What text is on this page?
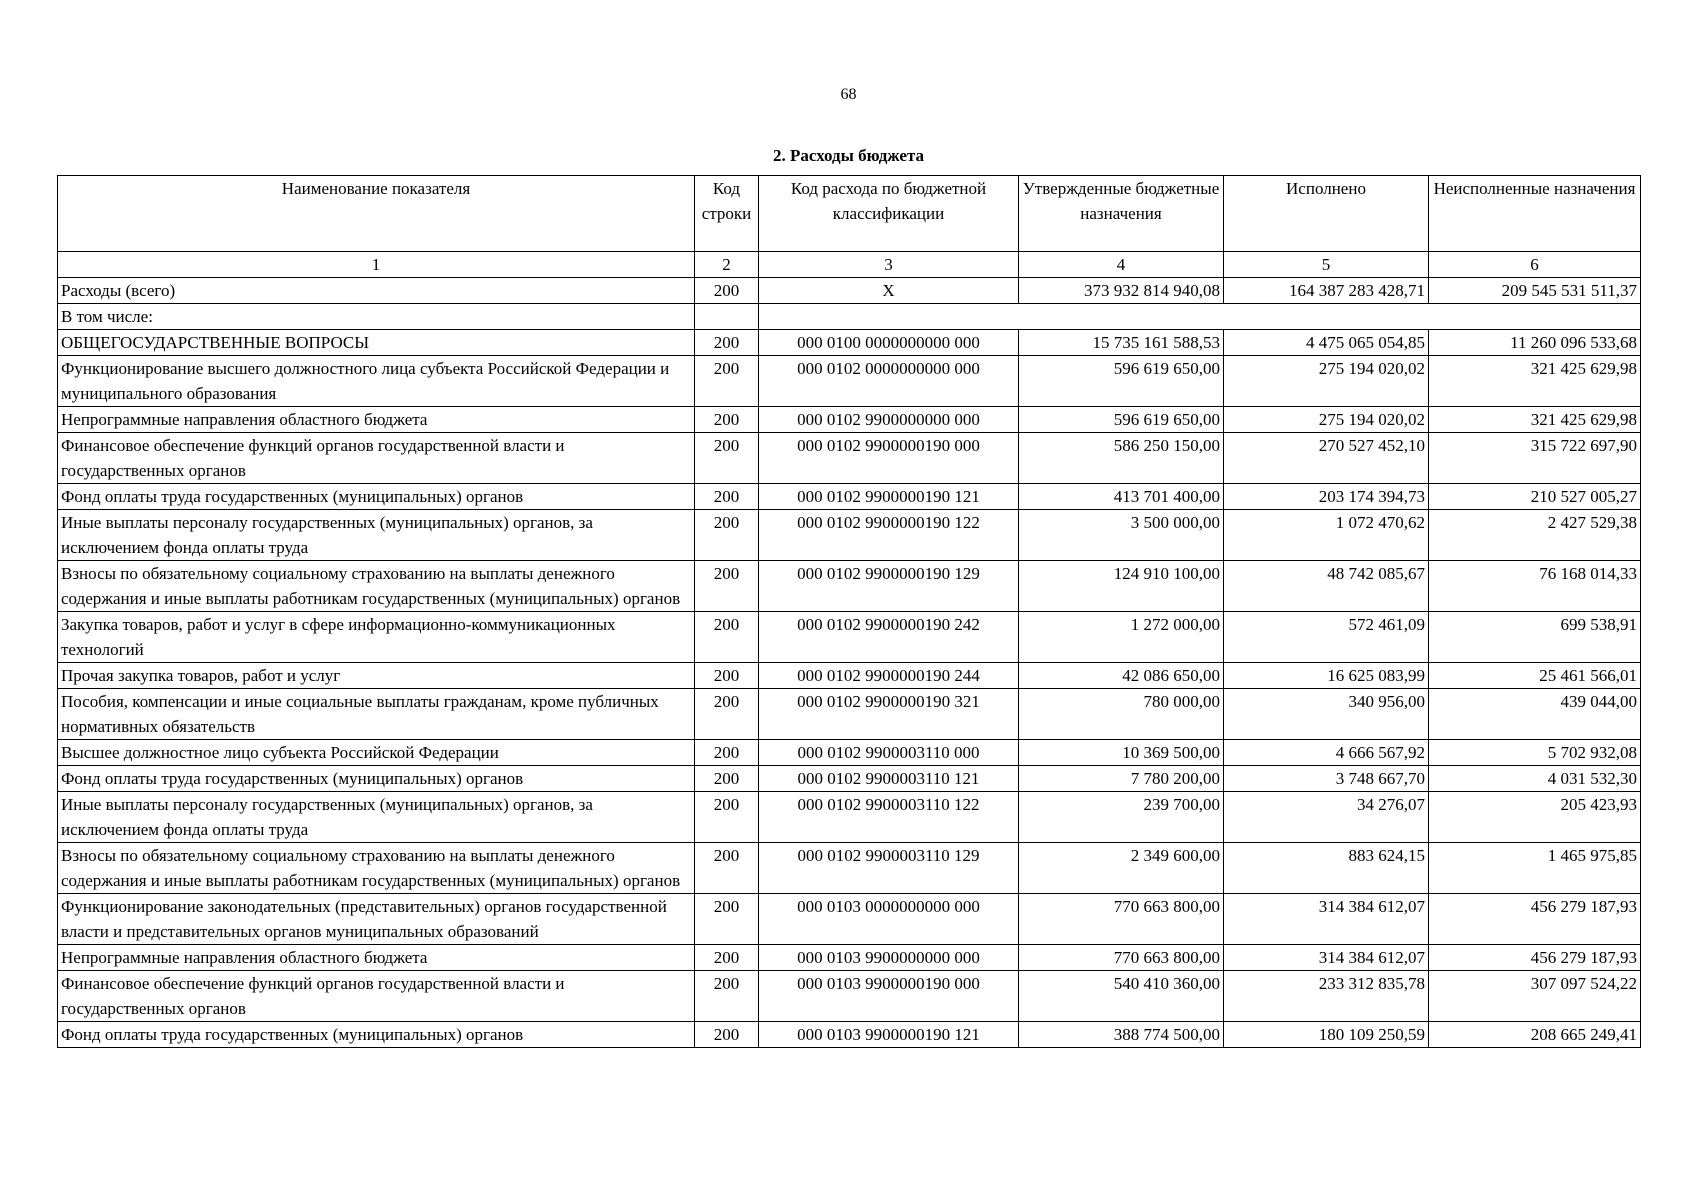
68
2. Расходы бюджета
Наименование показателя	Код строки	Код расхода по бюджетной классификации	Утвержденные бюджетные назначения	Исполнено	Неисполненные назначения
1	2	3	4	5	6
Расходы (всего)	200	X	373 932 814 940,08	164 387 283 428,71	209 545 531 511,37
В том числе:					
ОБЩЕГОСУДАРСТВЕННЫЕ ВОПРОСЫ	200	000 0100 0000000000 000	15 735 161 588,53	4 475 065 054,85	11 260 096 533,68
Функционирование высшего должностного лица субъекта Российской Федерации и муниципального образования	200	000 0102 0000000000 000	596 619 650,00	275 194 020,02	321 425 629,98
Непрограммные направления областного бюджета	200	000 0102 9900000000 000	596 619 650,00	275 194 020,02	321 425 629,98
Финансовое обеспечение функций органов государственной власти и государственных органов	200	000 0102 9900000190 000	586 250 150,00	270 527 452,10	315 722 697,90
Фонд оплаты труда государственных (муниципальных) органов	200	000 0102 9900000190 121	413 701 400,00	203 174 394,73	210 527 005,27
Иные выплаты персоналу государственных (муниципальных) органов, за исключением фонда оплаты труда	200	000 0102 9900000190 122	3 500 000,00	1 072 470,62	2 427 529,38
Взносы по обязательному социальному страхованию на выплаты денежного содержания и иные выплаты работникам государственных (муниципальных) органов	200	000 0102 9900000190 129	124 910 100,00	48 742 085,67	76 168 014,33
Закупка товаров, работ и услуг в сфере информационно-коммуникационных технологий	200	000 0102 9900000190 242	1 272 000,00	572 461,09	699 538,91
Прочая закупка товаров, работ и услуг	200	000 0102 9900000190 244	42 086 650,00	16 625 083,99	25 461 566,01
Пособия, компенсации и иные социальные выплаты гражданам, кроме публичных нормативных обязательств	200	000 0102 9900000190 321	780 000,00	340 956,00	439 044,00
Высшее должностное лицо субъекта Российской Федерации	200	000 0102 9900003110 000	10 369 500,00	4 666 567,92	5 702 932,08
Фонд оплаты труда государственных (муниципальных) органов	200	000 0102 9900003110 121	7 780 200,00	3 748 667,70	4 031 532,30
Иные выплаты персоналу государственных (муниципальных) органов, за исключением фонда оплаты труда	200	000 0102 9900003110 122	239 700,00	34 276,07	205 423,93
Взносы по обязательному социальному страхованию на выплаты денежного содержания и иные выплаты работникам государственных (муниципальных) органов	200	000 0102 9900003110 129	2 349 600,00	883 624,15	1 465 975,85
Функционирование законодательных (представительных) органов государственной власти и представительных органов муниципальных образований	200	000 0103 0000000000 000	770 663 800,00	314 384 612,07	456 279 187,93
Непрограммные направления областного бюджета	200	000 0103 9900000000 000	770 663 800,00	314 384 612,07	456 279 187,93
Финансовое обеспечение функций органов государственной власти и государственных органов	200	000 0103 9900000190 000	540 410 360,00	233 312 835,78	307 097 524,22
Фонд оплаты труда государственных (муниципальных) органов	200	000 0103 9900000190 121	388 774 500,00	180 109 250,59	208 665 249,41
